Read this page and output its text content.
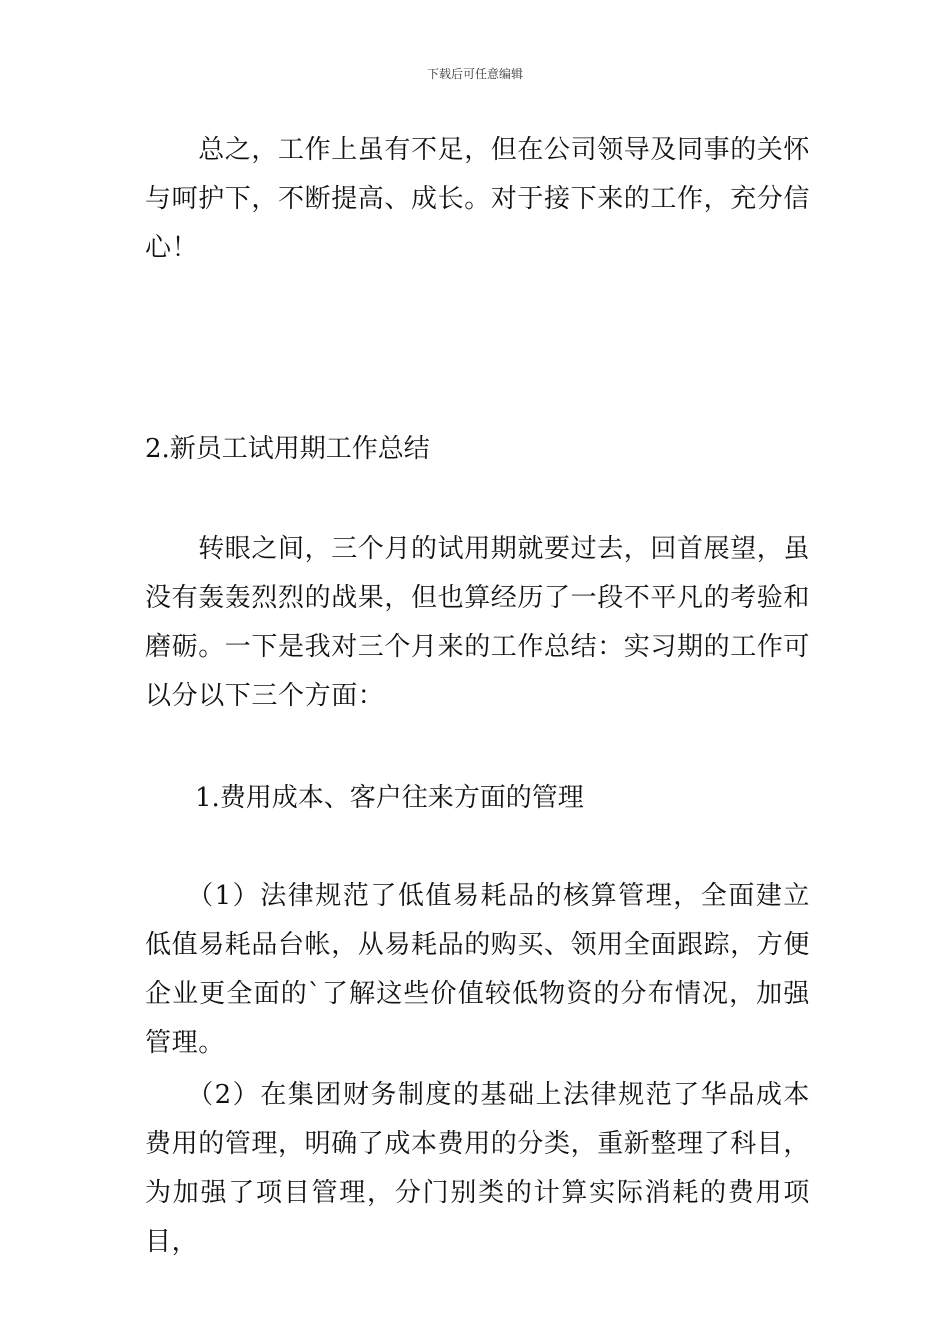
下载后可任意编辑

　　总之，工作上虽有不足，但在公司领导及同事的关怀与呵护下，不断提高、成长。对于接下来的工作，充分信心！

2.新员工试用期工作总结

　　转眼之间，三个月的试用期就要过去，回首展望，虽没有轰轰烈烈的战果，但也算经历了一段不平凡的考验和磨砺。一下是我对三个月来的工作总结：实习期的工作可以分以下三个方面：

1.费用成本、客户往来方面的管理

　　（1）法律规范了低值易耗品的核算管理，全面建立低值易耗品台帐，从易耗品的购买、领用全面跟踪，方便企业更全面的`了解这些价值较低物资的分布情况，加强管理。

　　（2）在集团财务制度的基础上法律规范了华品成本费用的管理，明确了成本费用的分类，重新整理了科目，为加强了项目管理，分门别类的计算实际消耗的费用项目，
